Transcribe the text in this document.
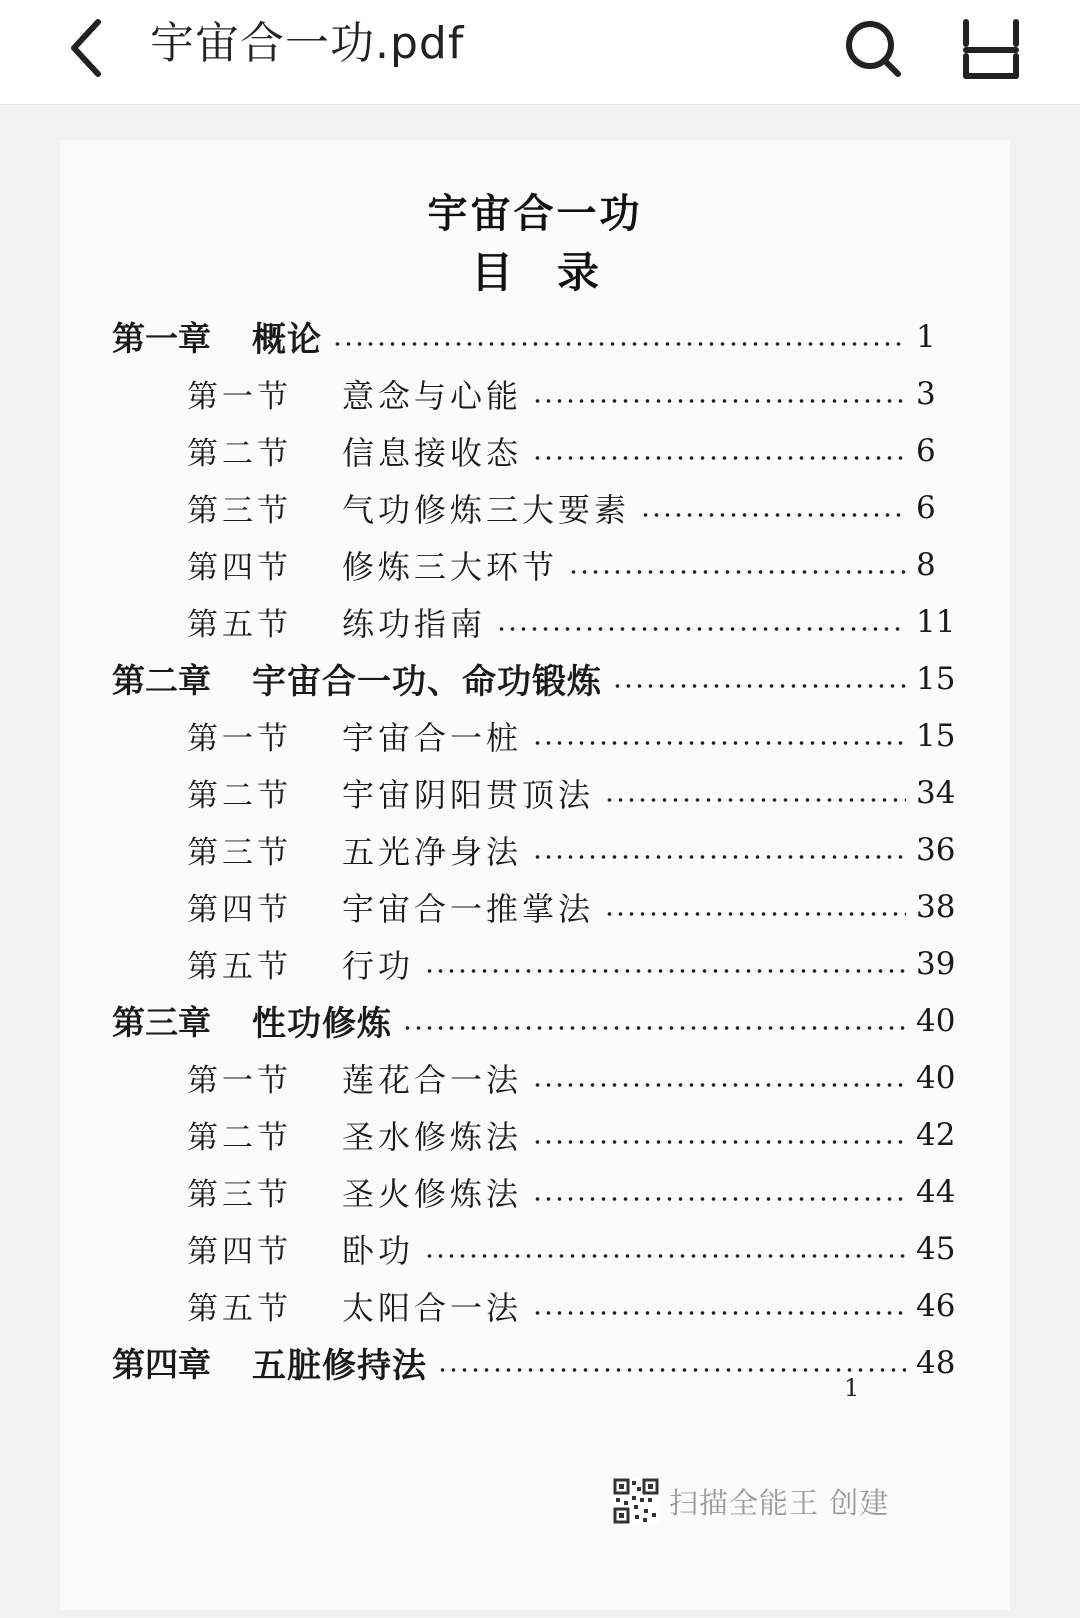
宇宙合一功.pdf
宇宙合一功
目录
第一章	概论	1
第一节	意念与心能	3
第二节	信息接收态	6
第三节	气功修炼三大要素	6
第四节	修炼三大环节	8
第五节	练功指南	11
第二章	宇宙合一功、命功锻炼	15
第一节	宇宙合一桩	15
第二节	宇宙阴阳贯顶法	34
第三节	五光净身法	36
第四节	宇宙合一推掌法	38
第五节	行功	39
第三章	性功修炼	40
第一节	莲花合一法	40
第二节	圣水修炼法	42
第三节	圣火修炼法	44
第四节	卧功	45
第五节	太阳合一法	46
第四章	五脏修持法	48
1
扫描全能王 创建
